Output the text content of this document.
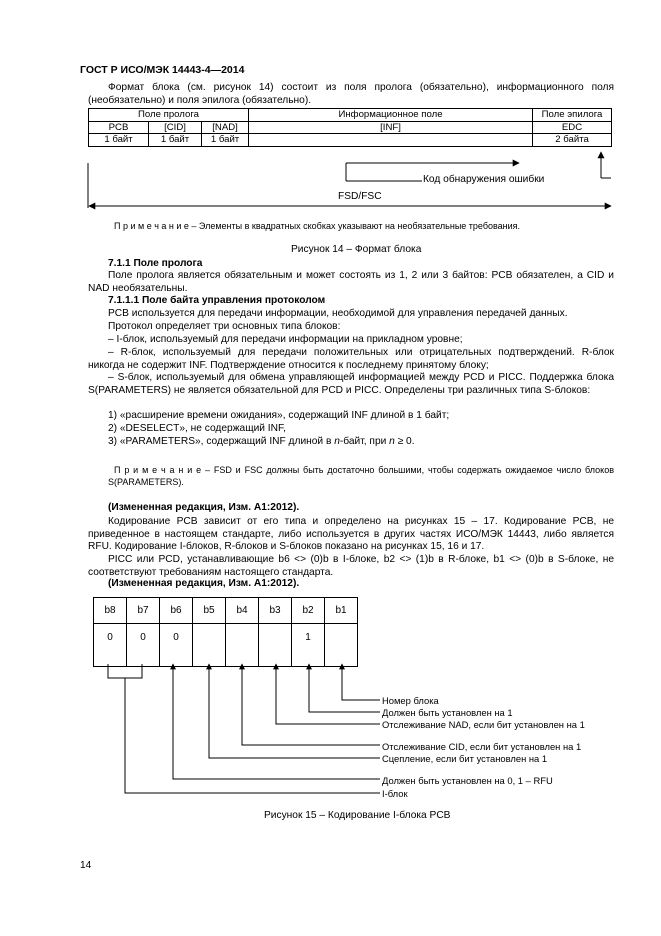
ГОСТ Р ИСО/МЭК 14443-4—2014
Формат блока (см. рисунок 14) состоит из поля пролога (обязательно), информационного поля (необязательно) и поля эпилога (обязательно).
Поле пролога			Информационное поле	Поле эпилога
PCB	[CID]	[NAD]	[INF]	EDC
1 байт	1 байт	1 байт		2 байта
Код обнаружения ошибки
FSD/FSC
П р и м е ч а н и е – Элементы в квадратных скобках указывают на необязательные требования.
Рисунок 14 – Формат блока
7.1.1 Поле пролога
Поле пролога является обязательным и может состоять из 1, 2 или 3 байтов: PCB обязателен, а CID и NAD необязательны.
7.1.1.1 Поле байта управления протоколом
PCB используется для передачи информации, необходимой для управления передачей данных.
Протокол определяет три основных типа блоков:
– I-блок, используемый для передачи информации на прикладном уровне;
– R-блок, используемый для передачи положительных или отрицательных подтверждений. R-блок никогда не содержит INF. Подтверждение относится к последнему принятому блоку;
– S-блок, используемый для обмена управляющей информацией между PCD и PICC. Поддержка блока S(PARAMETERS) не является обязательной для PCD и PICC. Определены три различных типа S-блоков:
1) «расширение времени ожидания», содержащий INF длиной в 1 байт;
2) «DESELECT», не содержащий INF,
3) «PARAMETERS», содержащий INF длиной в n-байт, при n ≥ 0.
П р и м е ч а н и е – FSD и FSC должны быть достаточно большими, чтобы содержать ожидаемое число блоков S(PARAMETERS).
(Измененная редакция, Изм. А1:2012).
Кодирование PCB зависит от его типа и определено на рисунках 15 – 17. Кодирование PCB, не приведенное в настоящем стандарте, либо используется в других частях ИСО/МЭК 14443, либо является RFU. Кодирование I-блоков, R-блоков и S-блоков показано на рисунках 15, 16 и 17.
PICC или PCD, устанавливающие b6 <> (0)b в I-блоке, b2 <> (1)b в R-блоке, b1 <> (0)b в S-блоке, не соответствуют требованиям настоящего стандарта.
(Измененная редакция, Изм. А1:2012).
b8	b7	b6	b5	b4	b3	b2	b1
0	0	0				1	
Номер блока
Должен быть установлен на 1
Отслеживание NAD, если бит установлен на 1
Отслеживание CID, если бит установлен на 1
Сцепление, если бит установлен на 1
Должен быть установлен на 0, 1 – RFU
I-блок
Рисунок 15 – Кодирование I-блока PCB
14
